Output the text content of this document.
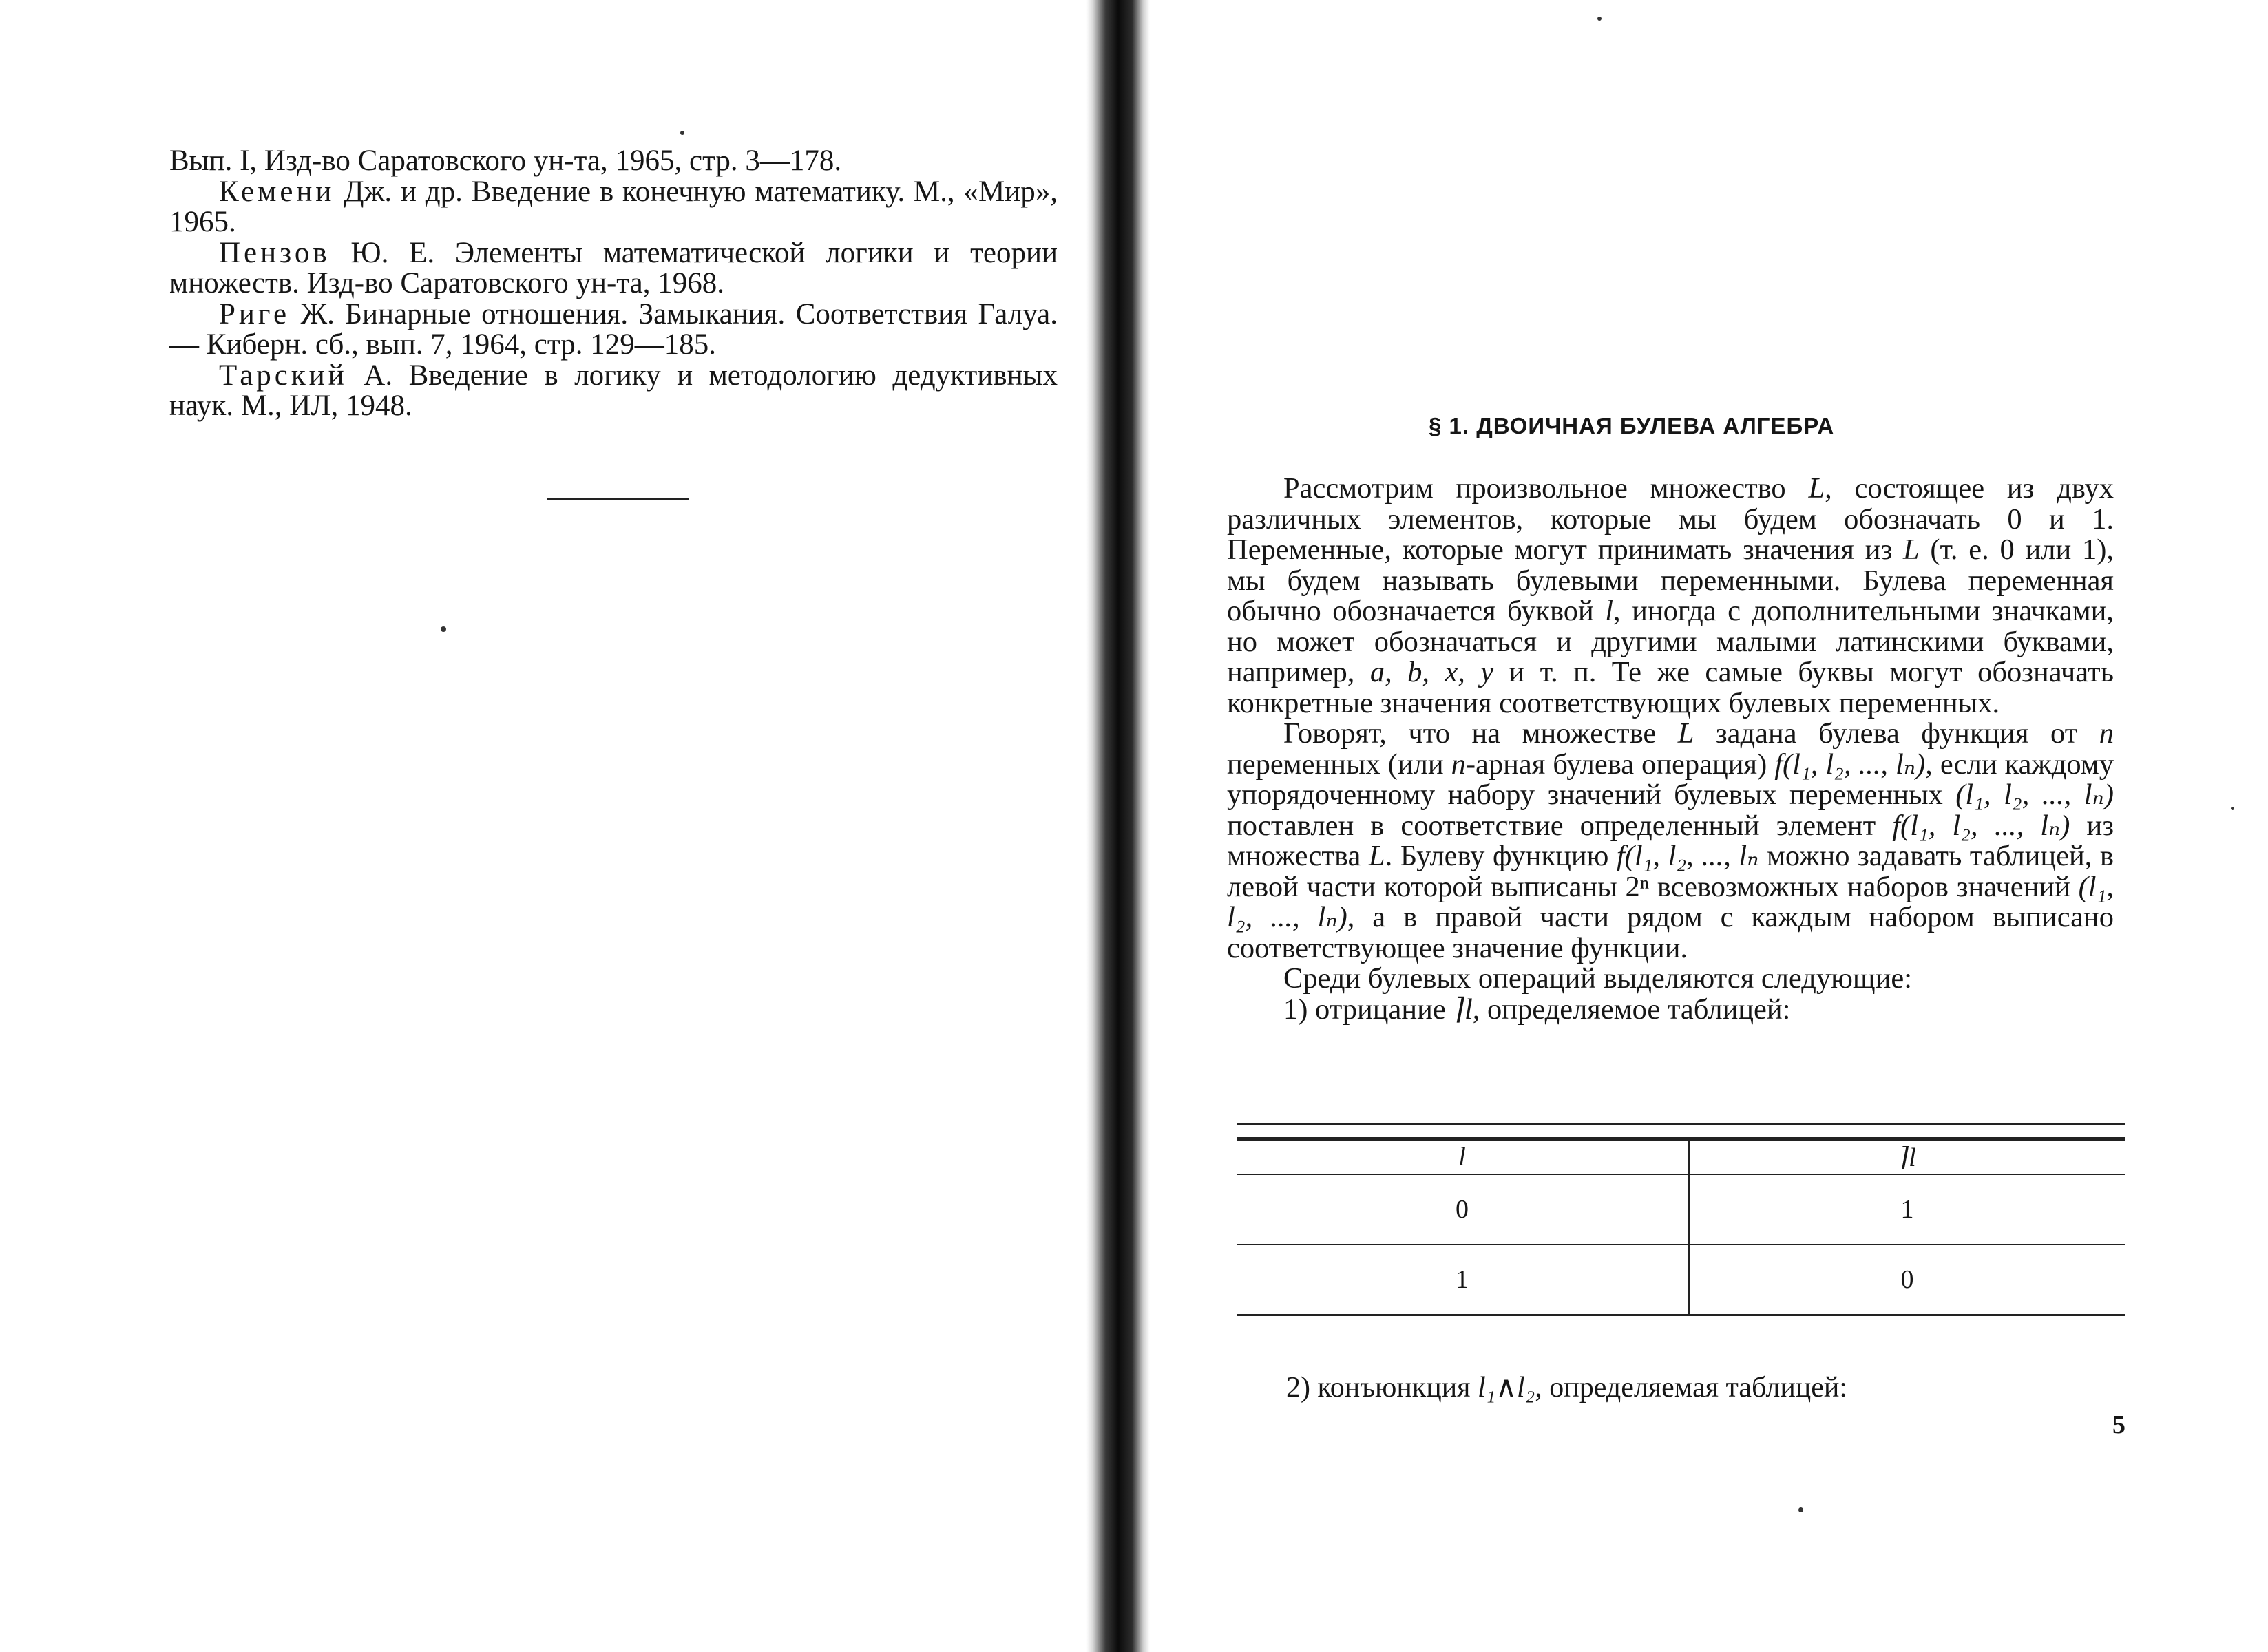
Вып. I, Изд-во Саратовского ун-та, 1965, стр. 3—178.
Кемени Дж. и др. Введение в конечную математику. М., «Мир», 1965.
Пензов Ю. Е. Элементы математической логики и теории множеств. Изд-во Саратовского ун-та, 1968.
Риге Ж. Бинарные отношения. Замыкания. Соответствия Галуа. — Киберн. сб., вып. 7, 1964, стр. 129—185.
Тарский А. Введение в логику и методологию дедуктивных наук. М., ИЛ, 1948.
§ 1. ДВОИЧНАЯ БУЛЕВА АЛГЕБРА

Рассмотрим произвольное множество L, состоящее из двух различных элементов, которые мы будем обозначать 0 и 1. Переменные, которые могут принимать значения из L (т. е. 0 или 1), мы будем называть булевыми переменными. Булева переменная обычно обозначается буквой l, иногда с дополнительными значками, но может обозначаться и другими малыми латинскими буквами, например, a, b, x, y и т. п. Те же самые буквы могут обозначать конкретные значения соответствующих булевых переменных.

Говорят, что на множестве L задана булева функция от n переменных (или n-арная булева операция) f(l₁, l₂, ..., lₙ), если каждому упорядоченному набору значений булевых переменных (l₁, l₂, ..., lₙ) поставлен в соответствие определенный элемент f(l₁, l₂, ..., lₙ) из множества L. Булеву функцию f(l₁, l₂, ..., lₙ можно задавать таблицей, в левой части которой выписаны 2ⁿ всевозможных наборов значений (l₁, l₂, ..., lₙ), а в правой части рядом с каждым набором выписано соответствующее значение функции.

Среди булевых операций выделяются следующие:

1) отрицание ⌉l, определяемое таблицей:

l	⌉l
0	1
1	0
2) конъюнкция l₁∧l₂, определяемая таблицей:
5
